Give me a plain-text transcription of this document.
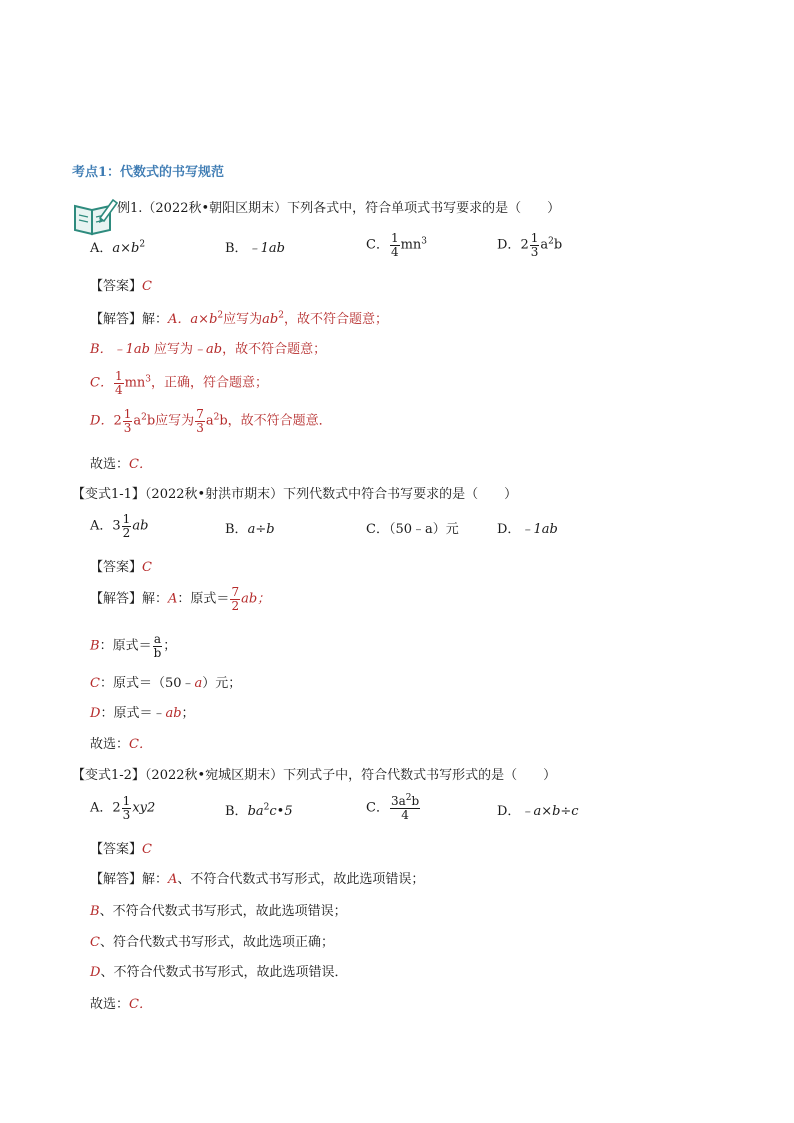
考点1：代数式的书写规范
例1.（2022秋•朝阳区期末）下列各式中，符合单项式书写要求的是（　　）
A．$a\times b^2$	B．﹣1ab	C． $\frac{1}{4} mn^3$	D．$2 \frac{1}{3} a^2b$
【答案】C
【解答】解：A．$a\times b^2$应写为$ab^2$，故不符合题意；
B．﹣1ab 应写为﹣ab，故不符合题意；
C． $\frac{1}{4} mn^3$，正确，符合题意；
D．$2 \frac{1}{3} a^2b$应写为 $\frac{7}{3} a^2b$，故不符合题意．
故选：C．
【变式1-1】（2022秋•射洪市期末）下列代数式中符合书写要求的是（　　）
A．$3 \frac{1}{2}$ ab	B．a÷b	C．（50﹣a）元	D．﹣1ab
【答案】C
【解答】解：A：原式＝ $\frac{7}{2}$ ab；
B：原式＝ $\frac{a}{b}$ ；
C：原式＝（50﹣a）元；
D：原式＝﹣ab；
故选：C．
【变式1-2】（2022秋•宛城区期末）下列式子中，符合代数式书写形式的是（　　）
A．$2 \frac{1}{3} xy2$	B．$ba^2c•5$	C． $\frac{3a^2b}{4}$	D．﹣a×b÷c
【答案】C
【解答】解：A、不符合代数式书写形式，故此选项错误；
B、不符合代数式书写形式，故此选项错误；
C、符合代数式书写形式，故此选项正确；
D、不符合代数式书写形式，故此选项错误．
故选：C．
